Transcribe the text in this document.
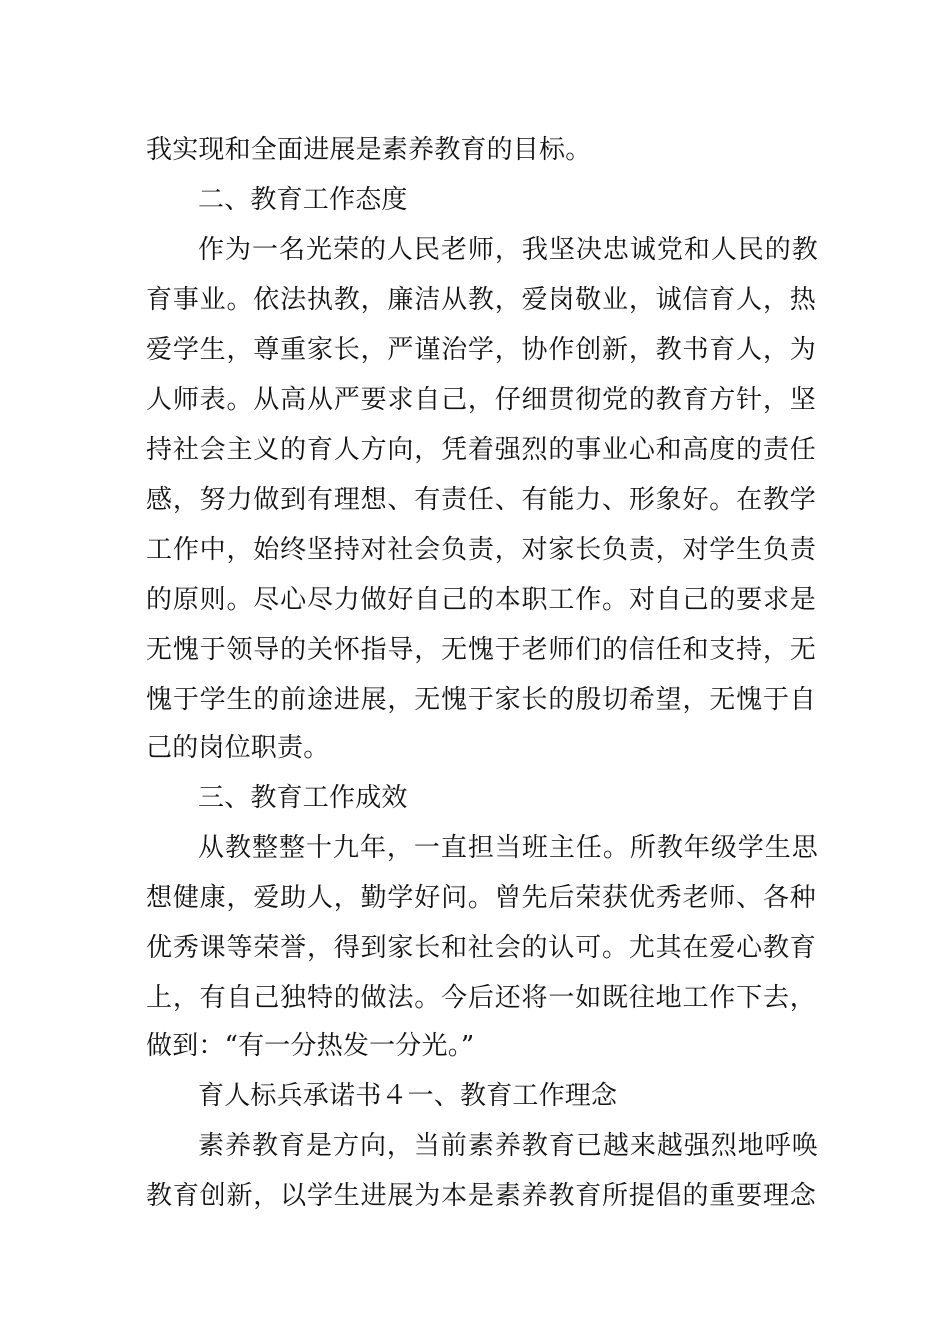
我实现和全面进展是素养教育的目标。
二、教育工作态度
作为一名光荣的人民老师，我坚决忠诚党和人民的教
育事业。依法执教，廉洁从教，爱岗敬业，诚信育人，热
爱学生，尊重家长，严谨治学，协作创新，教书育人，为
人师表。从高从严要求自己，仔细贯彻党的教育方针，坚
持社会主义的育人方向，凭着强烈的事业心和高度的责任
感，努力做到有理想、有责任、有能力、形象好。在教学
工作中，始终坚持对社会负责，对家长负责，对学生负责
的原则。尽心尽力做好自己的本职工作。对自己的要求是
无愧于领导的关怀指导，无愧于老师们的信任和支持，无
愧于学生的前途进展，无愧于家长的殷切希望，无愧于自
己的岗位职责。
三、教育工作成效
从教整整十九年，一直担当班主任。所教年级学生思
想健康，爱助人，勤学好问。曾先后荣获优秀老师、各种
优秀课等荣誉，得到家长和社会的认可。尤其在爱心教育
上，有自己独特的做法。今后还将一如既往地工作下去，
做到：“有一分热发一分光。”
育人标兵承诺书４一、教育工作理念
素养教育是方向，当前素养教育已越来越强烈地呼唤
教育创新，以学生进展为本是素养教育所提倡的重要理念
